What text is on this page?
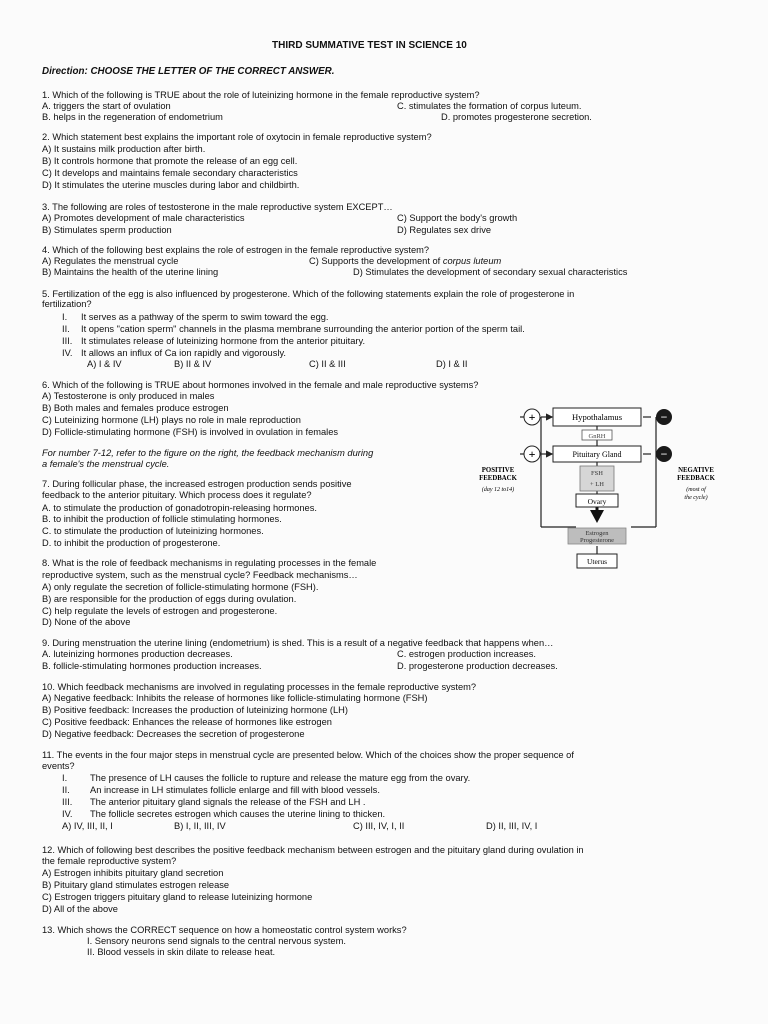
THIRD SUMMATIVE TEST IN SCIENCE 10
Direction: CHOOSE THE LETTER OF THE CORRECT ANSWER.
1. Which of the following is TRUE about the role of luteinizing hormone in the female reproductive system?
A. triggers the start of ovulation	C. stimulates the formation of corpus luteum.
B. helps in the regeneration of endometrium	D. promotes progesterone secretion.
2. Which statement best explains the important role of oxytocin in female reproductive system?
A) It sustains milk production after birth.
B) It controls hormone that promote the release of an egg cell.
C) It develops and maintains female secondary characteristics
D) It stimulates the uterine muscles during labor and childbirth.
3. The following are roles of testosterone in the male reproductive system EXCEPT…
A) Promotes development of male characteristics	C) Support the body's growth
B) Stimulates sperm production	D) Regulates sex drive
4. Which of the following best explains the role of estrogen in the female reproductive system?
A) Regulates the menstrual cycle	C) Supports the development of corpus luteum
B) Maintains the health of the uterine lining	D) Stimulates the development of secondary sexual characteristics
5. Fertilization of the egg is also influenced by progesterone. Which of the following statements explain the role of progesterone in
fertilization?
I. It serves as a pathway of the sperm to swim toward the egg.
II. It opens "cation sperm" channels in the plasma membrane surrounding the anterior portion of the sperm tail.
III. It stimulates release of luteinizing hormone from the anterior pituitary.
IV. It allows an influx of Ca ion rapidly and vigorously.
A) I & IV	B) II & IV	C) II & III	D) I & II
6. Which of the following is TRUE about hormones involved in the female and male reproductive systems?
A) Testosterone is only produced in males
B) Both males and females produce estrogen
C) Luteinizing hormone (LH) plays no role in male reproduction
D) Follicle-stimulating hormone (FSH) is involved in ovulation in females
For number 7-12, refer to the figure on the right, the feedback mechanism during
a female's the menstrual cycle.
7. During follicular phase, the increased estrogen production sends positive
feedback to the anterior pituitary. Which process does it regulate?
A. to stimulate the production of gonadotropin-releasing hormones.
B. to inhibit the production of follicle stimulating hormones.
C. to stimulate the production of luteinizing hormones.
D. to inhibit the production of progesterone.
8. What is the role of feedback mechanisms in regulating processes in the female
reproductive system, such as the menstrual cycle? Feedback mechanisms…
A) only regulate the secretion of follicle-stimulating hormone (FSH).
B) are responsible for the production of eggs during ovulation.
C) help regulate the levels of estrogen and progesterone.
D) None of the above
9. During menstruation the uterine lining (endometrium) is shed. This is a result of a negative feedback that happens when…
A. luteinizing hormones production decreases.	C. estrogen production increases.
B. follicle-stimulating hormones production increases.	D. progesterone production decreases.
10. Which feedback mechanisms are involved in regulating processes in the female reproductive system?
A) Negative feedback: Inhibits the release of hormones like follicle-stimulating hormone (FSH)
B) Positive feedback: Increases the production of luteinizing hormone (LH)
C) Positive feedback: Enhances the release of hormones like estrogen
D) Negative feedback: Decreases the secretion of progesterone
11. The events in the four major steps in menstrual cycle are presented below. Which of the choices show the proper sequence of
events?
I. The presence of LH causes the follicle to rupture and release the mature egg from the ovary.
II. An increase in LH stimulates follicle enlarge and fill with blood vessels.
III. The anterior pituitary gland signals the release of the FSH and LH .
IV. The follicle secretes estrogen which causes the uterine lining to thicken.
A) IV, III, II, I	B) I, II, III, IV	C) III, IV, I, II	D) II, III, IV, I
12. Which of following best describes the positive feedback mechanism between estrogen and the pituitary gland during ovulation in
the female reproductive system?
A) Estrogen inhibits pituitary gland secretion
B) Pituitary gland stimulates estrogen release
C) Estrogen triggers pituitary gland to release luteinizing hormone
D) All of the above
13. Which shows the CORRECT sequence on how a homeostatic control system works?
I. Sensory neurons send signals to the central nervous system.
II. Blood vessels in skin dilate to release heat.
Hypothalamus
GnRH
Pituitary Gland
FSH
+ LH
Ovary
Estrogen
Progesterone
Uterus
+
+
−
−
POSITIVE
FEEDBACK
(day 12 to14)
NEGATIVE
FEEDBACK
(most of
the cycle)
